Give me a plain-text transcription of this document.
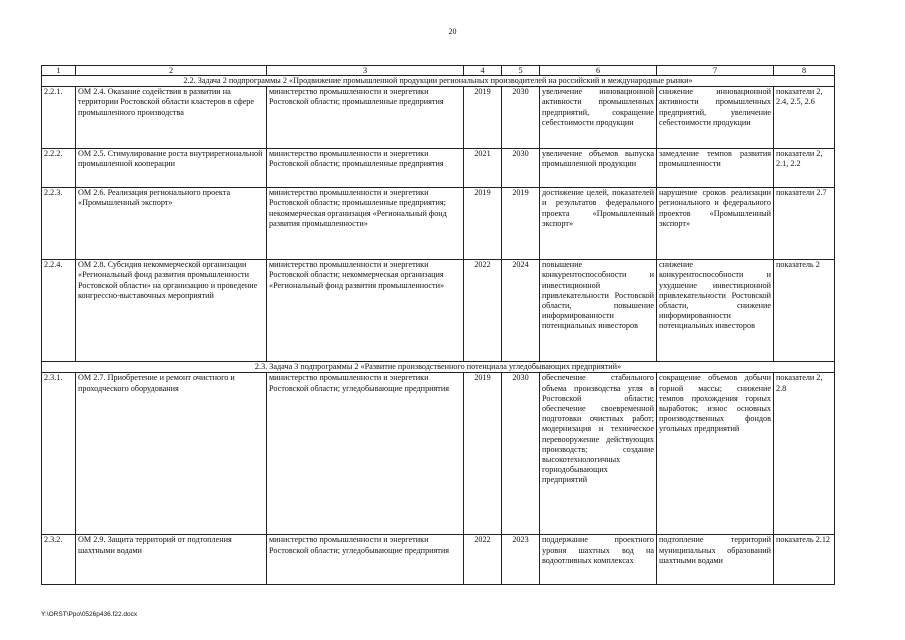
20
1	2	3	4	5	6	7	8
2.2. Задача 2 подпрограммы 2 «Продвижение промышленной продукции региональных производителей на российский и международные рынки»							
2.2.1.	ОМ 2.4. Оказание содействия в развитии на территории Ростовской области кластеров в сфере промышленного производства	министерство промышленности и энергетики Ростовской области; промышленные предприятия	2019	2030	увеличение инновационной активности промышленных предприятий, сокращение себестоимости продукции	снижение инновационной активности промышленных предприятий, увеличение себестоимости продукции	показатели 2, 2.4, 2.5, 2.6
2.2.2.	ОМ 2.5. Стимулирование роста внутрирегиональной промышленной кооперации	министерство промышленности и энергетики Ростовской области; промышленные предприятия	2021	2030	увеличение объемов выпуска промышленной продукции	замедление темпов развития промышленности	показатели 2, 2.1, 2.2
2.2.3.	ОМ 2.6. Реализация регионального проекта «Промышленный экспорт»	министерство промышленности и энергетики Ростовской области; промышленные предприятия; некоммерческая организация «Региональный фонд развития промышленности»	2019	2019	достижение целей, показателей и результатов федерального проекта «Промышленный экспорт»	нарушение сроков реализации регионального и федерального проектов «Промышленный экспорт»	показатели 2.7
2.2.4.	ОМ 2.8. Субсидия некоммерческой организации «Региональный фонд развития промышленности Ростовской области» на организацию и проведение конгрессно-выставочных мероприятий	министерство промышленности и энергетики Ростовской области; некоммерческая организация «Региональный фонд развития промышленности»	2022	2024	повышение конкурентоспособности и инвестиционной привлекательности Ростовской области, повышение информированности потенциальных инвесторов	снижение конкурентоспособности и ухудшение инвестиционной привлекательности Ростовской области, снижение информированности потенциальных инвесторов	показатель 2
2.3. Задача 3 подпрограммы 2 «Развитие производственного потенциала угледобывающих предприятий»							
2.3.1.	ОМ 2.7. Приобретение и ремонт очистного и проходческого оборудования	министерство промышленности и энергетики Ростовской области; угледобывающие предприятия	2019	2030	обеспечение стабильного объема производства угля в Ростовской области; обеспечение своевременной подготовки очистных работ; модернизация и техническое перевооружение действующих производств; создание высокотехнологичных горнодобывающих предприятий	сокращение объемов добычи горной массы; снижение темпов прохождения горных выработок; износ основных производственных фондов угольных предприятий	показатели 2, 2.8
2.3.2.	ОМ 2.9. Защита территорий от подтопления шахтными водами	министерство промышленности и энергетики Ростовской области; угледобывающие предприятия	2022	2023	поддержание проектного уровня шахтных вод на водоотливных комплексах	подтопление территорий муниципальных образований шахтными водами	показатель 2.12
Y:\ORST\Ppo\0526p436.f22.docx
